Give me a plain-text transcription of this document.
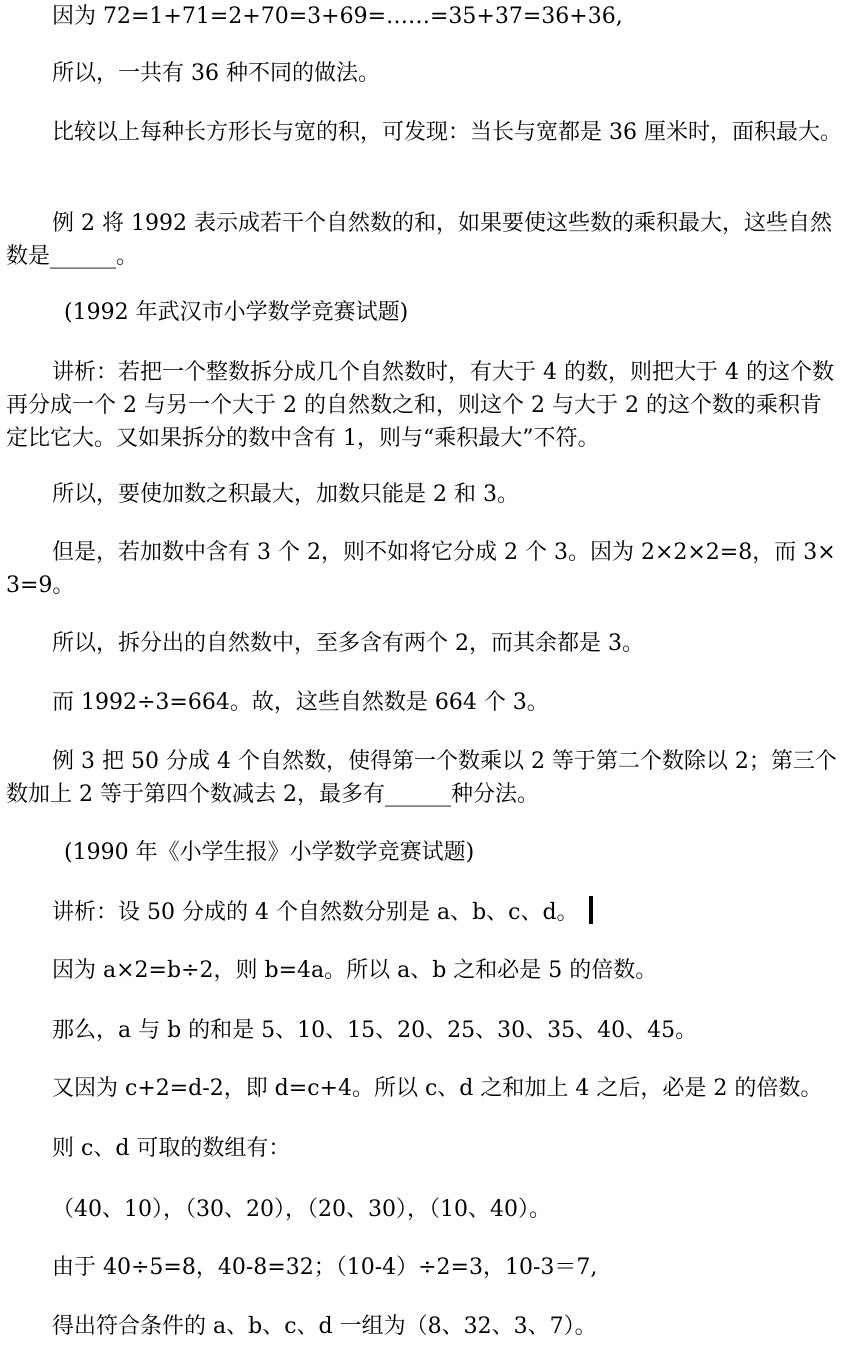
因为 72=1+71=2+70=3+69=……=35+37=36+36,

所以，一共有 36 种不同的做法。

比较以上每种长方形长与宽的积，可发现：当长与宽都是 36 厘米时，面积最大。

例 2 将 1992 表示成若干个自然数的和，如果要使这些数的乘积最大，这些自然数是______。

(1992 年武汉市小学数学竞赛试题)

讲析：若把一个整数拆分成几个自然数时，有大于 4 的数，则把大于 4 的这个数再分成一个 2 与另一个大于 2 的自然数之和，则这个 2 与大于 2 的这个数的乘积肯定比它大。又如果拆分的数中含有 1，则与“乘积最大”不符。

所以，要使加数之积最大，加数只能是 2 和 3。

但是，若加数中含有 3 个 2，则不如将它分成 2 个 3。因为 2×2×2=8，而 3×3=9。

所以，拆分出的自然数中，至多含有两个 2，而其余都是 3。

而 1992÷3=664。故，这些自然数是 664 个 3。

例 3 把 50 分成 4 个自然数，使得第一个数乘以 2 等于第二个数除以 2；第三个数加上 2 等于第四个数减去 2，最多有______种分法。

(1990 年《小学生报》小学数学竞赛试题)

讲析：设 50 分成的 4 个自然数分别是 a、b、c、d。

因为 a×2=b÷2，则 b=4a。所以 a、b 之和必是 5 的倍数。

那么，a 与 b 的和是 5、10、15、20、25、30、35、40、45。

又因为 c+2=d-2，即 d=c+4。所以 c、d 之和加上 4 之后，必是 2 的倍数。

则 c、d 可取的数组有：

（40、10），（30、20），（20、30），（10、40）。

由于 40÷5=8，40-8=32；（10-4）÷2=3，10-3＝7,

得出符合条件的 a、b、c、d 一组为（8、32、3、7）。
